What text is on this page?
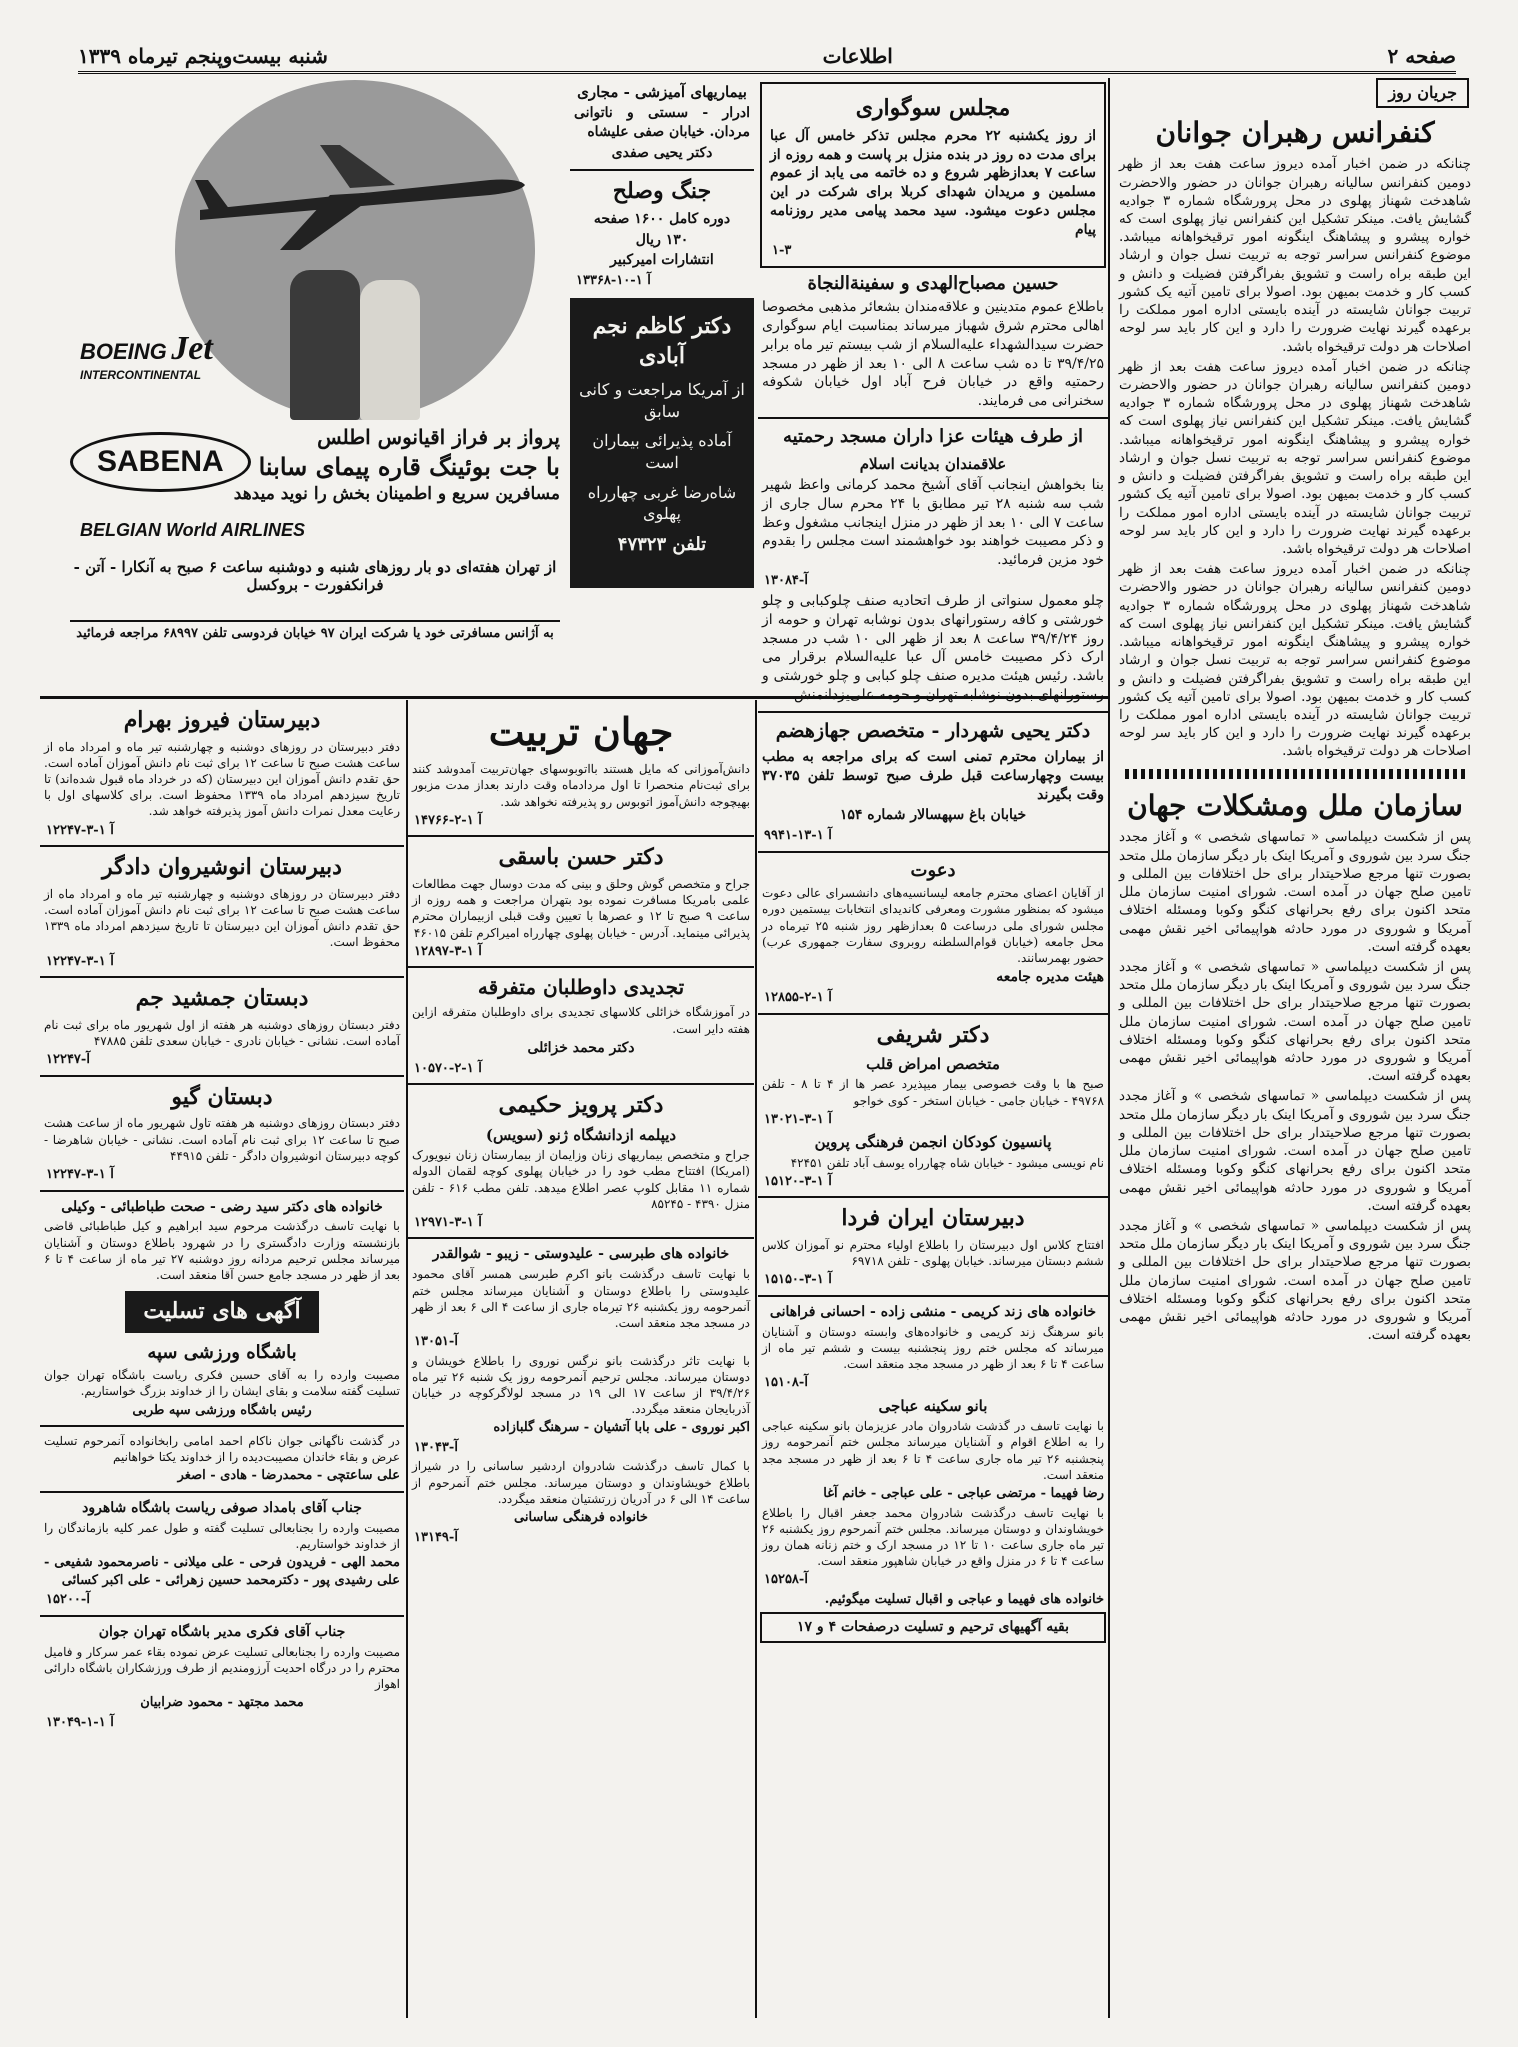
صفحه ۲
اطلاعات
شنبه بیست‌وپنجم تیرماه ۱۳۳۹
جریان روز
کنفرانس رهبران جوانان

چنانکه در ضمن اخبار آمده دیروز ساعت هفت بعد از ظهر دومین کنفرانس سالیانه رهبران جوانان در حضور والاحضرت شاهدخت شهناز پهلوی در محل پرورشگاه شماره ۳ جوادیه گشایش یافت. مینکر تشکیل این کنفرانس نیاز پهلوی است که خواره پیشرو و پیشاهنگ اینگونه امور ترقیخواهانه میباشد. موضوع کنفرانس سراسر توجه به تربیت نسل جوان و ارشاد این طبقه براه راست و تشویق بفراگرفتن فضیلت و دانش و کسب کار و خدمت بمیهن بود. اصولا برای تامین آتیه یک کشور تربیت جوانان شایسته در آینده بایستی اداره امور مملکت را برعهده گیرند نهایت ضرورت را دارد و این کار باید سر لوحه اصلاحات هر دولت ترقیخواه باشد.

چنانکه در ضمن اخبار آمده دیروز ساعت هفت بعد از ظهر دومین کنفرانس سالیانه رهبران جوانان در حضور والاحضرت شاهدخت شهناز پهلوی در محل پرورشگاه شماره ۳ جوادیه گشایش یافت. مینکر تشکیل این کنفرانس نیاز پهلوی است که خواره پیشرو و پیشاهنگ اینگونه امور ترقیخواهانه میباشد. موضوع کنفرانس سراسر توجه به تربیت نسل جوان و ارشاد این طبقه براه راست و تشویق بفراگرفتن فضیلت و دانش و کسب کار و خدمت بمیهن بود. اصولا برای تامین آتیه یک کشور تربیت جوانان شایسته در آینده بایستی اداره امور مملکت را برعهده گیرند نهایت ضرورت را دارد و این کار باید سر لوحه اصلاحات هر دولت ترقیخواه باشد.

چنانکه در ضمن اخبار آمده دیروز ساعت هفت بعد از ظهر دومین کنفرانس سالیانه رهبران جوانان در حضور والاحضرت شاهدخت شهناز پهلوی در محل پرورشگاه شماره ۳ جوادیه گشایش یافت. مینکر تشکیل این کنفرانس نیاز پهلوی است که خواره پیشرو و پیشاهنگ اینگونه امور ترقیخواهانه میباشد. موضوع کنفرانس سراسر توجه به تربیت نسل جوان و ارشاد این طبقه براه راست و تشویق بفراگرفتن فضیلت و دانش و کسب کار و خدمت بمیهن بود. اصولا برای تامین آتیه یک کشور تربیت جوانان شایسته در آینده بایستی اداره امور مملکت را برعهده گیرند نهایت ضرورت را دارد و این کار باید سر لوحه اصلاحات هر دولت ترقیخواه باشد.

سازمان ملل ومشکلات جهان

پس از شکست دیپلماسی « تماسهای شخصی » و آغاز مجدد جنگ سرد بین شوروی و آمریکا اینک بار دیگر سازمان ملل متحد بصورت تنها مرجع صلاحیتدار برای حل اختلافات بین المللی و تامین صلح جهان در آمده است. شورای امنیت سازمان ملل متحد اکنون برای رفع بحرانهای کنگو وکوبا ومسئله اختلاف آمریکا و شوروی در مورد حادثه هواپیمائی اخیر نقش مهمی بعهده گرفته است.

پس از شکست دیپلماسی « تماسهای شخصی » و آغاز مجدد جنگ سرد بین شوروی و آمریکا اینک بار دیگر سازمان ملل متحد بصورت تنها مرجع صلاحیتدار برای حل اختلافات بین المللی و تامین صلح جهان در آمده است. شورای امنیت سازمان ملل متحد اکنون برای رفع بحرانهای کنگو وکوبا ومسئله اختلاف آمریکا و شوروی در مورد حادثه هواپیمائی اخیر نقش مهمی بعهده گرفته است.

پس از شکست دیپلماسی « تماسهای شخصی » و آغاز مجدد جنگ سرد بین شوروی و آمریکا اینک بار دیگر سازمان ملل متحد بصورت تنها مرجع صلاحیتدار برای حل اختلافات بین المللی و تامین صلح جهان در آمده است. شورای امنیت سازمان ملل متحد اکنون برای رفع بحرانهای کنگو وکوبا ومسئله اختلاف آمریکا و شوروی در مورد حادثه هواپیمائی اخیر نقش مهمی بعهده گرفته است.

پس از شکست دیپلماسی « تماسهای شخصی » و آغاز مجدد جنگ سرد بین شوروی و آمریکا اینک بار دیگر سازمان ملل متحد بصورت تنها مرجع صلاحیتدار برای حل اختلافات بین المللی و تامین صلح جهان در آمده است. شورای امنیت سازمان ملل متحد اکنون برای رفع بحرانهای کنگو وکوبا ومسئله اختلاف آمریکا و شوروی در مورد حادثه هواپیمائی اخیر نقش مهمی بعهده گرفته است.

مجلس سوگواری

از روز یکشنبه ۲۲ محرم مجلس تذکر خامس آل عبا برای مدت ده روز در بنده منزل بر پاست و همه روزه از ساعت ۷ بعدازظهر شروع و ده خاتمه می یابد از عموم مسلمین و مریدان شهدای کربلا برای شرکت در این مجلس دعوت میشود. سید محمد پیامی مدیر روزنامه پیام

۱-۳
حسین مصباح‌الهدی و سفینةالنجاة

باطلاع عموم متدینین و علاقه‌مندان بشعائر مذهبی مخصوصا اهالی محترم شرق شهباز میرساند بمناسبت ایام سوگواری حضرت سیدالشهداء علیه‌السلام از شب بیستم تیر ماه برابر ۳۹/۴/۲۵ تا ده شب ساعت ۸ الی ۱۰ بعد از ظهر در مسجد رحمتیه واقع در خیابان فرح آباد اول خیابان شکوفه سخنرانی می فرمایند.

از طرف هیئات عزا داران مسجد رحمتیه
علاقمندان بدیانت اسلام

بنا بخواهش اینجانب آقای آشیخ محمد کرمانی واعظ شهیر شب سه شنبه ۲۸ تیر مطابق با ۲۴ محرم سال جاری از ساعت ۷ الی ۱۰ بعد از ظهر در منزل اینجانب مشغول وعظ و ذکر مصیبت خواهند بود خواهشمند است مجلس را بقدوم خود مزین فرمائید.

۱۳۰۸۴-آ

چلو معمول سنواتی از طرف اتحادیه صنف چلوکبابی و چلو خورشتی و کافه رستورانهای بدون نوشابه تهران و حومه از روز ۳۹/۴/۲۴ ساعت ۸ بعد از ظهر الی ۱۰ شب در مسجد ارک ذکر مصیبت خامس آل عبا علیه‌السلام برقرار می باشد. رئیس هیئت مدیره صنف چلو کبابی و چلو خورشتی و رستورانهای بدون نوشابه تهران و حومه علی‌یزدانمنش

دکتر یحیی شهردار - متخصص جهازهضم

از بیماران محترم تمنی است که برای مراجعه به مطب بیست وچهارساعت قبل طرف صبح توسط تلفن ۳۷۰۳۵ وقت بگیرند

خیابان باغ سپهسالار شماره ۱۵۴

۹۹۴۱-آ ۱-۱۳
دعوت

از آقایان اعضای محترم جامعه لیسانسیه‌های دانشسرای عالی دعوت میشود که بمنظور مشورت ومعرفی کاندیدای انتخابات بیستمین دوره مجلس شورای ملی درساعت ۵ بعدازظهر روز شنبه ۲۵ تیرماه در محل جامعه (خیابان قوام‌السلطنه روبروی سفارت جمهوری عرب) حضور بهمرسانند.

هیئت مدیره جامعه

۱۲۸۵۵-آ ۱-۲
دکتر شریفی
متخصص امراض قلب

صبح ها با وقت خصوصی بیمار میپذیرد عصر ها از ۴ تا ۸ - تلفن ۴۹۷۶۸ - خیابان جامی - خیابان استخر - کوی خواجو

۱۳۰۲۱-آ ۱-۳
پانسیون کودکان انجمن فرهنگی پروین

نام نویسی میشود - خیابان شاه چهارراه یوسف آباد تلفن ۴۲۴۵۱

۱۵۱۲۰-آ ۱-۳
دبیرستان ایران فردا

افتتاح کلاس اول دبیرستان را باطلاع اولیاء محترم نو آموزان کلاس ششم دبستان میرساند. خیابان پهلوی - تلفن ۶۹۷۱۸

۱۵۱۵۰-آ ۱-۳
خانواده های زند کریمی - منشی زاده - احسانی فراهانی

بانو سرهنگ زند کریمی و خانواده‌های وابسته دوستان و آشنایان میرساند که مجلس ختم روز پنجشنبه بیست و ششم تیر ماه از ساعت ۴ تا ۶ بعد از ظهر در مسجد مجد منعقد است.

۱۵۱۰۸-آ
بانو سکینه عباجی

با نهایت تاسف در گذشت شادروان مادر عزیزمان بانو سکینه عباجی را به اطلاع اقوام و آشنایان میرساند مجلس ختم آنمرحومه روز پنجشنبه ۲۶ تیر ماه جاری ساعت ۴ تا ۶ بعد از ظهر در مسجد مجد منعقد است.

رضا فهیما - مرتضی عباجی - علی عباجی - خانم آغا

با نهایت تاسف درگذشت شادروان محمد جعفر اقبال را باطلاع خویشاوندان و دوستان میرساند. مجلس ختم آنمرحوم روز یکشنبه ۲۶ تیر ماه جاری ساعت ۱۰ تا ۱۲ در مسجد ارک و ختم زنانه همان روز ساعت ۴ تا ۶ در منزل واقع در خیابان شاهپور منعقد است.

۱۵۲۵۸-آ

خانواده های فهیما و عباجی و اقبال تسلیت میگوئیم.

بقیه آگهیهای ترحیم و تسلیت درصفحات ۴ و ۱۷
بیماریهای آمیزشی - مجاری

ادرار - سستی و ناتوانی مردان. خیابان صفی علیشاه

دکتر یحیی صفدی

جنگ وصلح

دوره کامل ۱۶۰۰ صفحه

۱۳۰ ریال

انتشارات امیرکبیر

۱۳۳۶۸-آ ۱-۱۰
دکتر کاظم نجم آبادی

از آمریکا مراجعت و کانی سابق

آماده پذیرائی بیماران است

شاه‌رضا غربی چهارراه پهلوی

تلفن ۴۷۳۲۳

BOEING Jet
INTERCONTINENTAL
پرواز بر فراز اقیانوس اطلس
با جت بوئینگ قاره پیمای سابنا
مسافرین سریع و اطمینان بخش را نوید میدهد
SABENA
BELGIAN World AIRLINES
از تهران هفته‌ای دو بار روزهای شنبه و دوشنبه ساعت ۶ صبح به آنکارا - آتن - فرانکفورت - بروکسل
به آژانس مسافرتی خود یا شرکت ایران ۹۷ خیابان فردوسی تلفن ۶۸۹۹۷ مراجعه فرمائید
جهان تربیت

دانش‌آموزانی که مایل هستند بااتوبوسهای جهان‌تربیت آمدوشد کنند برای ثبت‌نام منحصرا تا اول مردادماه وقت دارند بعداز مدت مزبور بهیچوجه دانش‌آموز اتوبوس رو پذیرفته نخواهد شد.

۱۴۷۶۶-آ ۱-۲
دکتر حسن باسقی

جراح و متخصص گوش وحلق و بینی که مدت دوسال جهت مطالعات علمی بامریکا مسافرت نموده بود بتهران مراجعت و همه روزه از ساعت ۹ صبح تا ۱۲ و عصرها با تعیین وقت قبلی ازبیماران محترم پذیرائی مینماید. آدرس - خیابان پهلوی چهارراه امیراکرم تلفن ۴۶۰۱۵

۱۲۸۹۷-آ ۱-۳
تجدیدی داوطلبان متفرقه

در آموزشگاه خزائلی کلاسهای تجدیدی برای داوطلبان متفرقه ازاین هفته دایر است.

دکتر محمد خزائلی

۱۰۵۷۰-آ ۱-۲
دکتر پرویز حکیمی
دیپلمه ازدانشگاه ژنو (سویس)

جراح و متخصص بیماریهای زنان وزایمان از بیمارستان زنان نیویورک (امریکا) افتتاح مطب خود را در خیابان پهلوی کوچه لقمان الدوله شماره ۱۱ مقابل کلوپ عصر اطلاع میدهد. تلفن مطب ۶۱۶ - تلفن منزل ۴۳۹۰ - ۸۵۲۴۵

۱۲۹۷۱-آ ۱-۳
خانواده های طبرسی - علیدوستی - زیبو - شوالقدر

با نهایت تاسف درگذشت بانو اکرم طبرسی همسر آقای محمود علیدوستی را باطلاع دوستان و آشنایان میرساند مجلس ختم آنمرحومه روز یکشنبه ۲۶ تیرماه جاری از ساعت ۴ الی ۶ بعد از ظهر در مسجد مجد منعقد است.

۱۳۰۵۱-آ

با نهایت تاثر درگذشت بانو نرگس نوروی را باطلاع خویشان و دوستان میرساند. مجلس ترحیم آنمرحومه روز یک شنبه ۲۶ تیر ماه ۳۹/۴/۲۶ از ساعت ۱۷ الی ۱۹ در مسجد لولاگرکوچه در خیابان آذربایجان منعقد میگردد.

اکبر نوروی - علی بابا آتشیان - سرهنگ گلبازاده

۱۳۰۴۳-آ

با کمال تاسف درگذشت شادروان اردشیر ساسانی را در شیراز باطلاع خویشاوندان و دوستان میرساند. مجلس ختم آنمرحوم از ساعت ۱۴ الی ۶ در آدریان زرتشتیان منعقد میگردد.

خانواده فرهنگی ساسانی

۱۳۱۴۹-آ
دبیرستان فیروز بهرام

دفتر دبیرستان در روزهای دوشنبه و چهارشنبه تیر ماه و امرداد ماه از ساعت هشت صبح تا ساعت ۱۲ برای ثبت نام دانش آموزان آماده است. حق تقدم دانش آموزان این دبیرستان (که در خرداد ماه قبول شده‌اند) تا تاریخ سیزدهم امرداد ماه ۱۳۳۹ محفوظ است. برای کلاسهای اول با رعایت معدل نمرات دانش آموز پذیرفته خواهد شد.

۱۲۲۴۷-آ ۱-۳
دبیرستان انوشیروان دادگر

دفتر دبیرستان در روزهای دوشنبه و چهارشنبه تیر ماه و امرداد ماه از ساعت هشت صبح تا ساعت ۱۲ برای ثبت نام دانش آموزان آماده است. حق تقدم دانش آموزان این دبیرستان تا تاریخ سیزدهم امرداد ماه ۱۳۳۹ محفوظ است.

۱۲۲۴۷-آ ۱-۳
دبستان جمشید جم

دفتر دبستان روزهای دوشنبه هر هفته از اول شهریور ماه برای ثبت نام آماده است. نشانی - خیابان نادری - خیابان سعدی تلفن ۴۷۸۸۵

۱۲۲۴۷-آ
دبستان گیو

دفتر دبستان روزهای دوشنبه هر هفته تاول شهریور ماه از ساعت هشت صبح تا ساعت ۱۲ برای ثبت نام آماده است. نشانی - خیابان شاهرضا - کوچه دبیرستان انوشیروان دادگر - تلفن ۴۴۹۱۵

۱۲۲۴۷-آ ۱-۳
خانواده های دکتر سید رضی - صحت طباطبائی - وکیلی

با نهایت تاسف درگذشت مرحوم سید ابراهیم و کیل طباطبائی قاضی بازنشسته وزارت دادگستری را در شهرود باطلاع دوستان و آشنایان میرساند مجلس ترحیم مردانه روز دوشنبه ۲۷ تیر ماه از ساعت ۴ تا ۶ بعد از ظهر در مسجد جامع حسن آقا منعقد است.

آگهی های تسلیت
باشگاه ورزشی سپه

مصیبت وارده را به آقای حسین فکری ریاست باشگاه تهران جوان تسلیت گفته سلامت و بقای ایشان را از خداوند بزرگ خواستاریم.

رئیس باشگاه ورزشی سپه طربی

در گذشت ناگهانی جوان ناکام احمد امامی رابخانواده آنمرحوم تسلیت عرض و بقاء خاندان مصیبت‌دیده را از خداوند یکتا خواهانیم

علی ساعتچی - محمدرضا - هادی - اصغر

جناب آقای بامداد صوفی ریاست باشگاه شاهرود

مصیبت وارده را بجنابعالی تسلیت گفته و طول عمر کلیه بازماندگان را از خداوند خواستاریم.

محمد الهی - فریدون فرحی - علی میلانی - ناصرمحمود شفیعی - علی رشیدی پور - دکترمحمد حسین زهرائی - علی اکبر کسائی

۱۵۲۰۰-آ
جناب آقای فکری مدیر باشگاه تهران جوان

مصیبت وارده را بجنابعالی تسلیت عرض نموده بقاء عمر سرکار و فامیل محترم را در درگاه احدیت آرزومندیم از طرف ورزشکاران باشگاه دارائی اهواز

محمد مجتهد - محمود ضرابیان

۱۳۰۴۹-آ ۱-۱
